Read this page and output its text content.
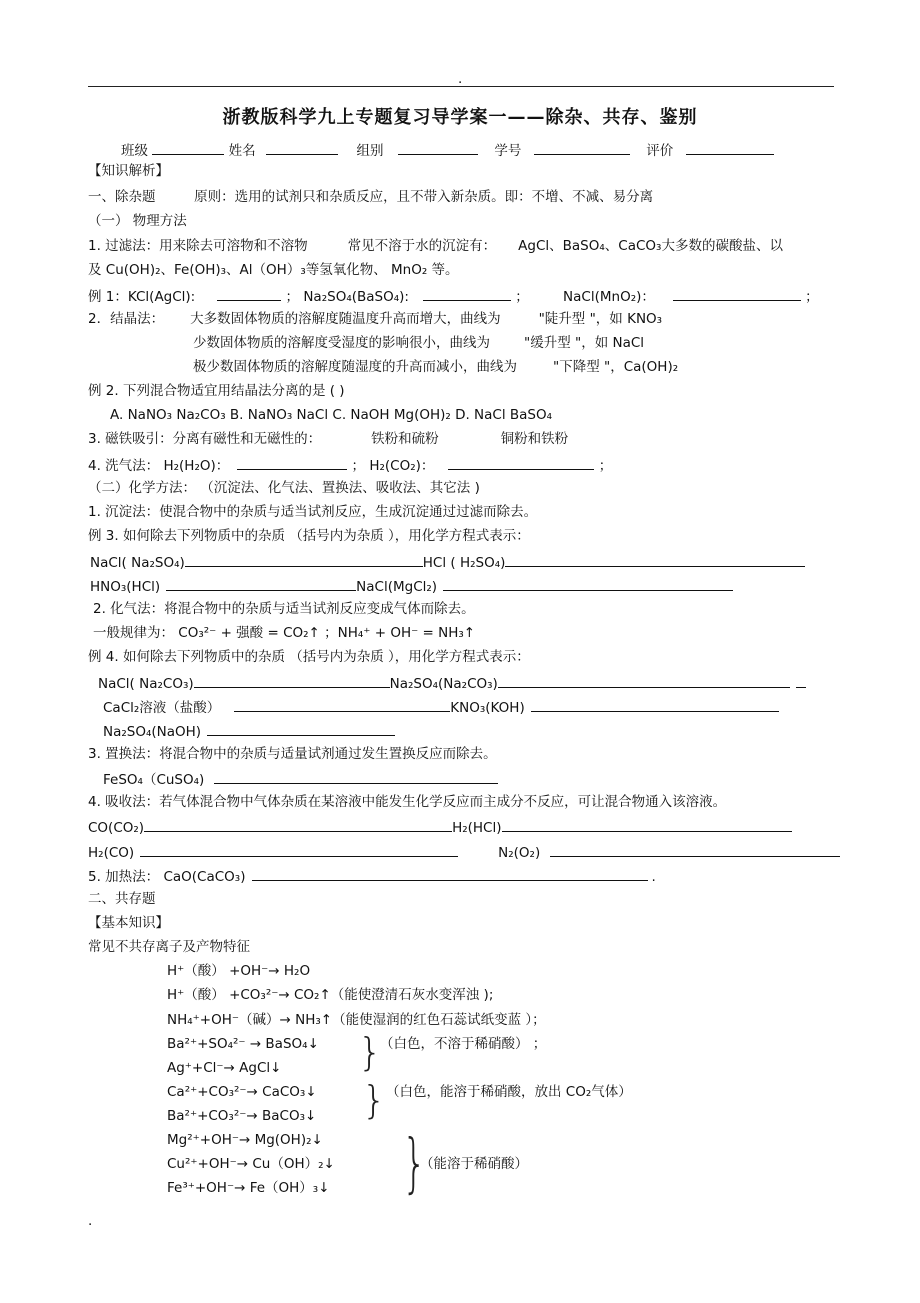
.
浙教版科学九上专题复习导学案一——除杂、共存、鉴别
班级	姓名	组别	学号	评价
【知识解析】
一、除杂题	原则：选用的试剂只和杂质反应，且不带入新杂质。即：不增、不减、易分离
（一） 物理方法
1. 过滤法：用来除去可溶物和不溶物	常见不溶于水的沉淀有： AgCl、BaSO₄、CaCO₃大多数的碳酸盐、以
及 Cu(OH)₂、Fe(OH)₃、Al（OH）₃等氢氧化物、 MnO₂ 等。
例 1：KCl(AgCl):	； Na₂SO₄(BaSO₄):	；	NaCl(MnO₂)：	；
2．结晶法： 大多数固体物质的溶解度随温度升高而增大，曲线为	"陡升型 "，如 KNO₃
少数固体物质的溶解度受湿度的影响很小，曲线为	"缓升型 "，如 NaCl
极少数固体物质的溶解度随湿度的升高而减小，曲线为	"下降型 "，Ca(OH)₂
例 2. 下列混合物适宜用结晶法分离的是 ( )
A. NaNO₃ Na₂CO₃ B. NaNO₃ NaCl C. NaOH Mg(OH)₂ D. NaCl BaSO₄
3. 磁铁吸引：分离有磁性和无磁性的：	铁粉和硫粉	铜粉和铁粉
4. 洗气法： H₂(H₂O)：	； H₂(CO₂)：	；
（二）化学方法： （沉淀法、化气法、置换法、吸收法、其它法 )
1. 沉淀法：使混合物中的杂质与适当试剂反应，生成沉淀通过过滤而除去。
例 3. 如何除去下列物质中的杂质 （括号内为杂质 ），用化学方程式表示：
NaCl( Na₂SO₄)	HCl ( H₂SO₄)
HNO₃(HCl)	NaCl(MgCl₂)
2. 化气法：将混合物中的杂质与适当试剂反应变成气体而除去。
一般规律为： CO₃²⁻ + 强酸 = CO₂↑ ；NH₄⁺ + OH⁻ = NH₃↑
例 4. 如何除去下列物质中的杂质 （括号内为杂质 ），用化学方程式表示：
NaCl( Na₂CO₃)	Na₂SO₄(Na₂CO₃)
CaCl₂溶液（盐酸）	KNO₃(KOH)
Na₂SO₄(NaOH)
3. 置换法：将混合物中的杂质与适量试剂通过发生置换反应而除去。
FeSO₄（CuSO₄)
4. 吸收法：若气体混合物中气体杂质在某溶液中能发生化学反应而主成分不反应，可让混合物通入该溶液。
CO(CO₂)	H₂(HCl)
H₂(CO)	N₂(O₂)
5. 加热法： CaO(CaCO₃)	.
二、共存题
【基本知识】
常见不共存离子及产物特征
H⁺（酸） +OH⁻→ H₂O
H⁺（酸） +CO₃²⁻→ CO₂↑（能使澄清石灰水变浑浊 );
NH₄⁺+OH⁻（碱）→ NH₃↑（能使湿润的红色石蕊试纸变蓝 ）；
Ba²⁺+SO₄²⁻ → BaSO₄↓
Ag⁺+Cl⁻→ AgCl↓
Ca²⁺+CO₃²⁻→ CaCO₃↓
Ba²⁺+CO₃²⁻→ BaCO₃↓
Mg²⁺+OH⁻→ Mg(OH)₂↓
Cu²⁺+OH⁻→ Cu（OH）₂↓
Fe³⁺+OH⁻→ Fe（OH）₃↓
}
（白色，不溶于稀硝酸） ；
} （白色，能溶于稀硝酸，放出 CO₂气体）
}
（能溶于稀硝酸）
.
